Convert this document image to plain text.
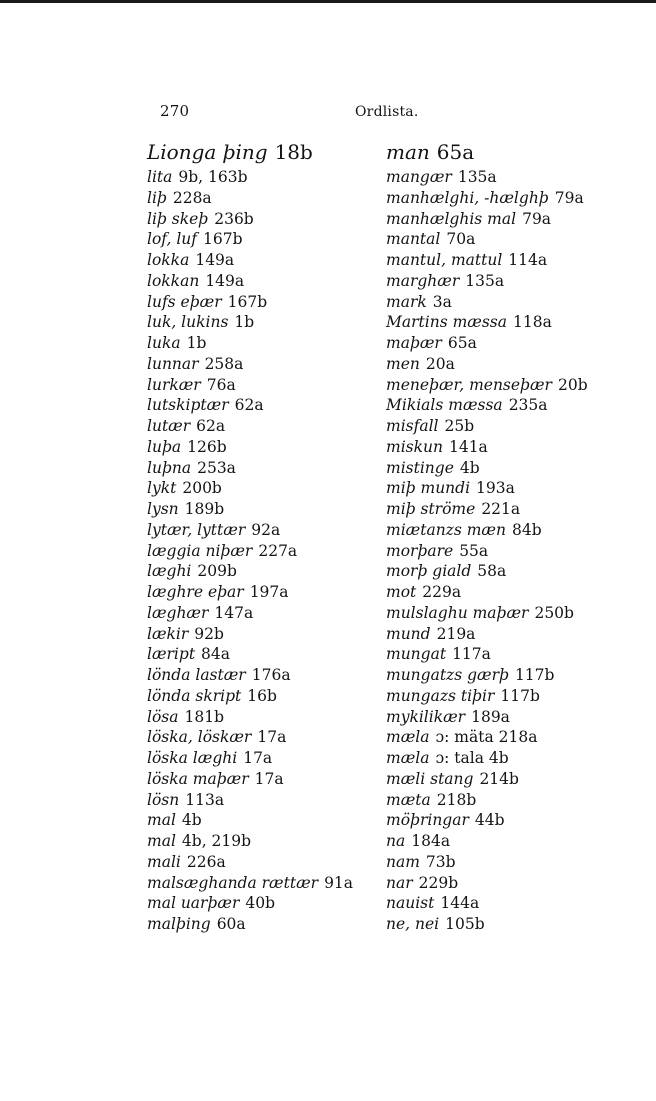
270	Ordlista.
Lionga þing 18b
lita 9b, 163b
liþ 228a
liþ skeþ 236b
lof, luf 167b
lokka 149a
lokkan 149a
lufs eþær 167b
luk, lukins 1b
luka 1b
lunnar 258a
lurkær 76a
lutskiptær 62a
lutær 62a
luþa 126b
luþna 253a
lykt 200b
lysn 189b
lytær, lyttær 92a
læggia niþær 227a
læghi 209b
læghre eþar 197a
læghær 147a
lækir 92b
læript 84a
lönda lastær 176a
lönda skript 16b
lösa 181b
löska, löskær 17a
löska læghi 17a
löska maþær 17a
lösn 113a
mal 4b
mal 4b, 219b
mali 226a
malsæghanda rættær 91a
mal uarþær 40b
malþing 60a
man 65a
mangær 135a
manhælghi, -hælghþ 79a
manhælghis mal 79a
mantal 70a
mantul, mattul 114a
marghær 135a
mark 3a
Martins mæssa 118a
maþær 65a
men 20a
meneþær, menseþær 20b
Mikials mæssa 235a
misfall 25b
miskun 141a
mistinge 4b
miþ mundi 193a
miþ ströme 221a
miætanzs mæn 84b
morþare 55a
morþ giald 58a
mot 229a
mulslaghu maþær 250b
mund 219a
mungat 117a
mungatzs gærþ 117b
mungazs tiþir 117b
mykilikær 189a
mæla ɔ: mäta 218a
mæla ɔ: tala 4b
mæli stang 214b
mæta 218b
möþringar 44b
na 184a
nam 73b
nar 229b
nauist 144a
ne, nei 105b
